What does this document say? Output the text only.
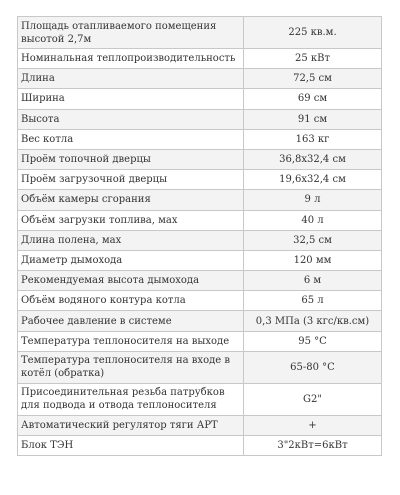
Площадь отапливаемого помещения высотой 2,7м	225 кв.м.
Номинальная теплопроизводительность	25 кВт
Длина	72,5 см
Ширина	69 см
Высота	91 см
Вес котла	163 кг
Проём топочной дверцы	36,8x32,4 см
Проём загрузочной дверцы	19,6x32,4 см
Объём камеры сгорания	9 л
Объём загрузки топлива, мах	40 л
Длина полена, мах	32,5 см
Диаметр дымохода	120 мм
Рекомендуемая высота дымохода	6 м
Объём водяного контура котла	65 л
Рабочее давление в системе	0,3 МПа (3 кгс/кв.см)
Температура теплоносителя на выходе	95 °C
Температура теплоносителя на входе в котёл (обратка)	65-80 °C
Присоединительная резьба патрубков для подвода и отвода теплоносителя	G2"
Автоматический регулятор тяги АРТ	+
Блок ТЭН	3"2кВт=6кВт
